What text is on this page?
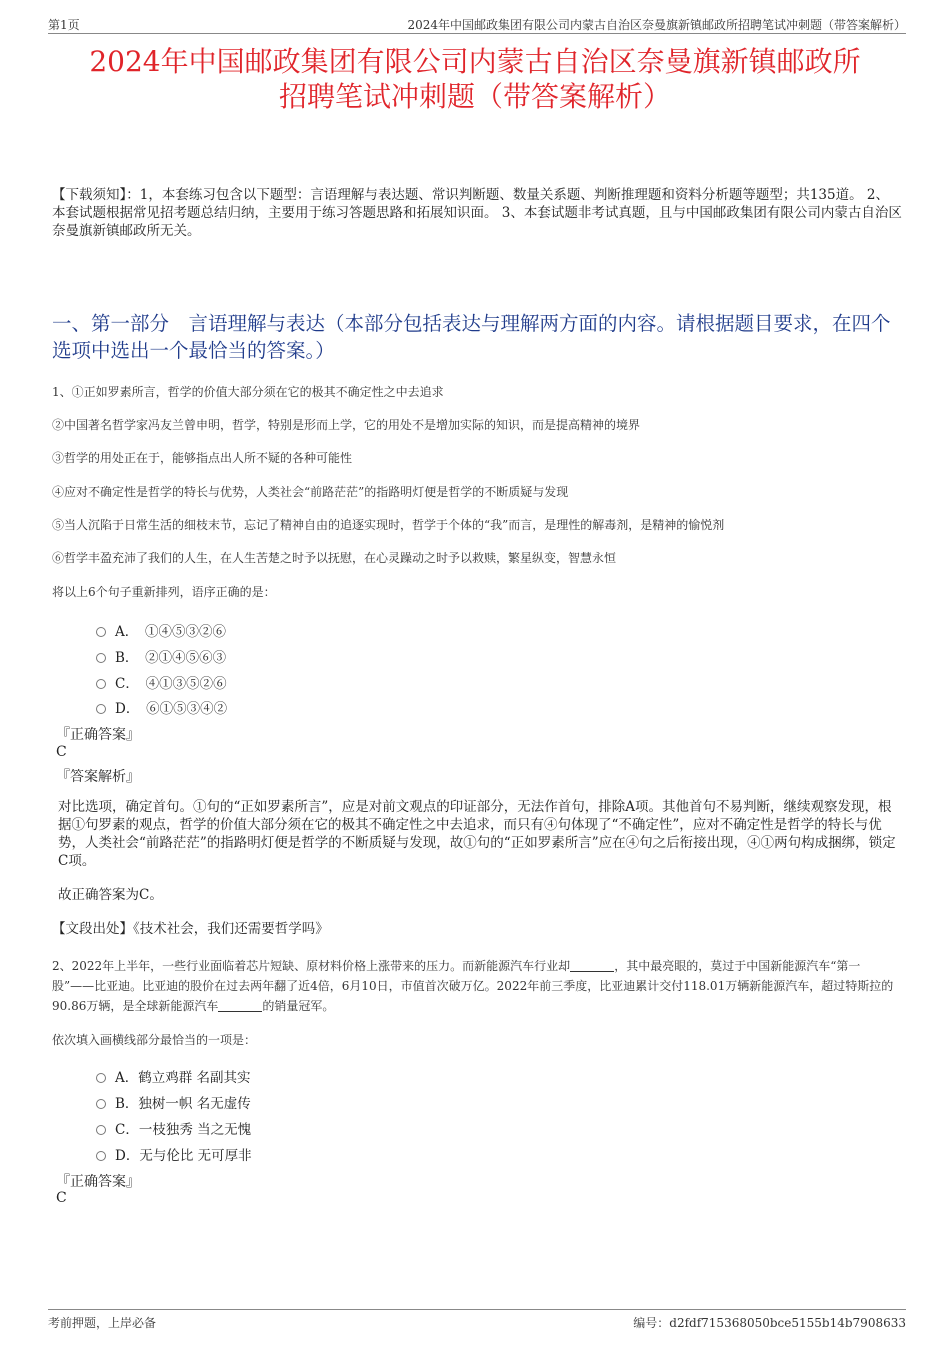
第1页	2024年中国邮政集团有限公司内蒙古自治区奈曼旗新镇邮政所招聘笔试冲刺题（带答案解析）
2024年中国邮政集团有限公司内蒙古自治区奈曼旗新镇邮政所
招聘笔试冲刺题（带答案解析）
【下载须知】：1，本套练习包含以下题型：言语理解与表达题、常识判断题、数量关系题、判断推理题和资料分析题等题型；共135道。 2、本套试题根据常见招考题总结归纳，主要用于练习答题思路和拓展知识面。 3、本套试题非考试真题，且与中国邮政集团有限公司内蒙古自治区奈曼旗新镇邮政所无关。
一、第一部分　言语理解与表达（本部分包括表达与理解两方面的内容。请根据题目要求，在四个选项中选出一个最恰当的答案。）
1、①正如罗素所言，哲学的价值大部分须在它的极其不确定性之中去追求
②中国著名哲学家冯友兰曾申明，哲学，特别是形而上学，它的用处不是增加实际的知识，而是提高精神的境界
③哲学的用处正在于，能够指点出人所不疑的各种可能性
④应对不确定性是哲学的特长与优势，人类社会“前路茫茫”的指路明灯便是哲学的不断质疑与发现
⑤当人沉陷于日常生活的细枝末节，忘记了精神自由的追逐实现时，哲学于个体的“我”而言，是理性的解毒剂，是精神的愉悦剂
⑥哲学丰盈充沛了我们的人生，在人生苦楚之时予以抚慰，在心灵躁动之时予以救赎，繁星纵变，智慧永恒
将以上6个句子重新排列，语序正确的是：
A．　①④⑤③②⑥
B．　②①④⑤⑥③
C．　④①③⑤②⑥
D．　⑥①⑤③④②
『正确答案』
C
『答案解析』
对比选项，确定首句。①句的“正如罗素所言”，应是对前文观点的印证部分，无法作首句，排除A项。其他首句不易判断，继续观察发现，根据①句罗素的观点，哲学的价值大部分须在它的极其不确定性之中去追求，而只有④句体现了“不确定性”，应对不确定性是哲学的特长与优势，人类社会“前路茫茫”的指路明灯便是哲学的不断质疑与发现，故①句的“正如罗素所言”应在④句之后衔接出现，④①两句构成捆绑，锁定C项。
故正确答案为C。
【文段出处】《技术社会，我们还需要哲学吗》
2、2022年上半年，一些行业面临着芯片短缺、原材料价格上涨带来的压力。而新能源汽车行业却	，其中最亮眼的，莫过于中国新能源汽车“第一股”——比亚迪。比亚迪的股价在过去两年翻了近4倍，6月10日，市值首次破万亿。2022年前三季度，比亚迪累计交付118.01万辆新能源汽车，超过特斯拉的90.86万辆，是全球新能源汽车	的销量冠军。
依次填入画横线部分最恰当的一项是：
A．鹤立鸡群 名副其实
B．独树一帜 名无虚传
C．一枝独秀 当之无愧
D．无与伦比 无可厚非
『正确答案』
C
考前押题，上岸必备	编号：d2fdf715368050bce5155b14b7908633
